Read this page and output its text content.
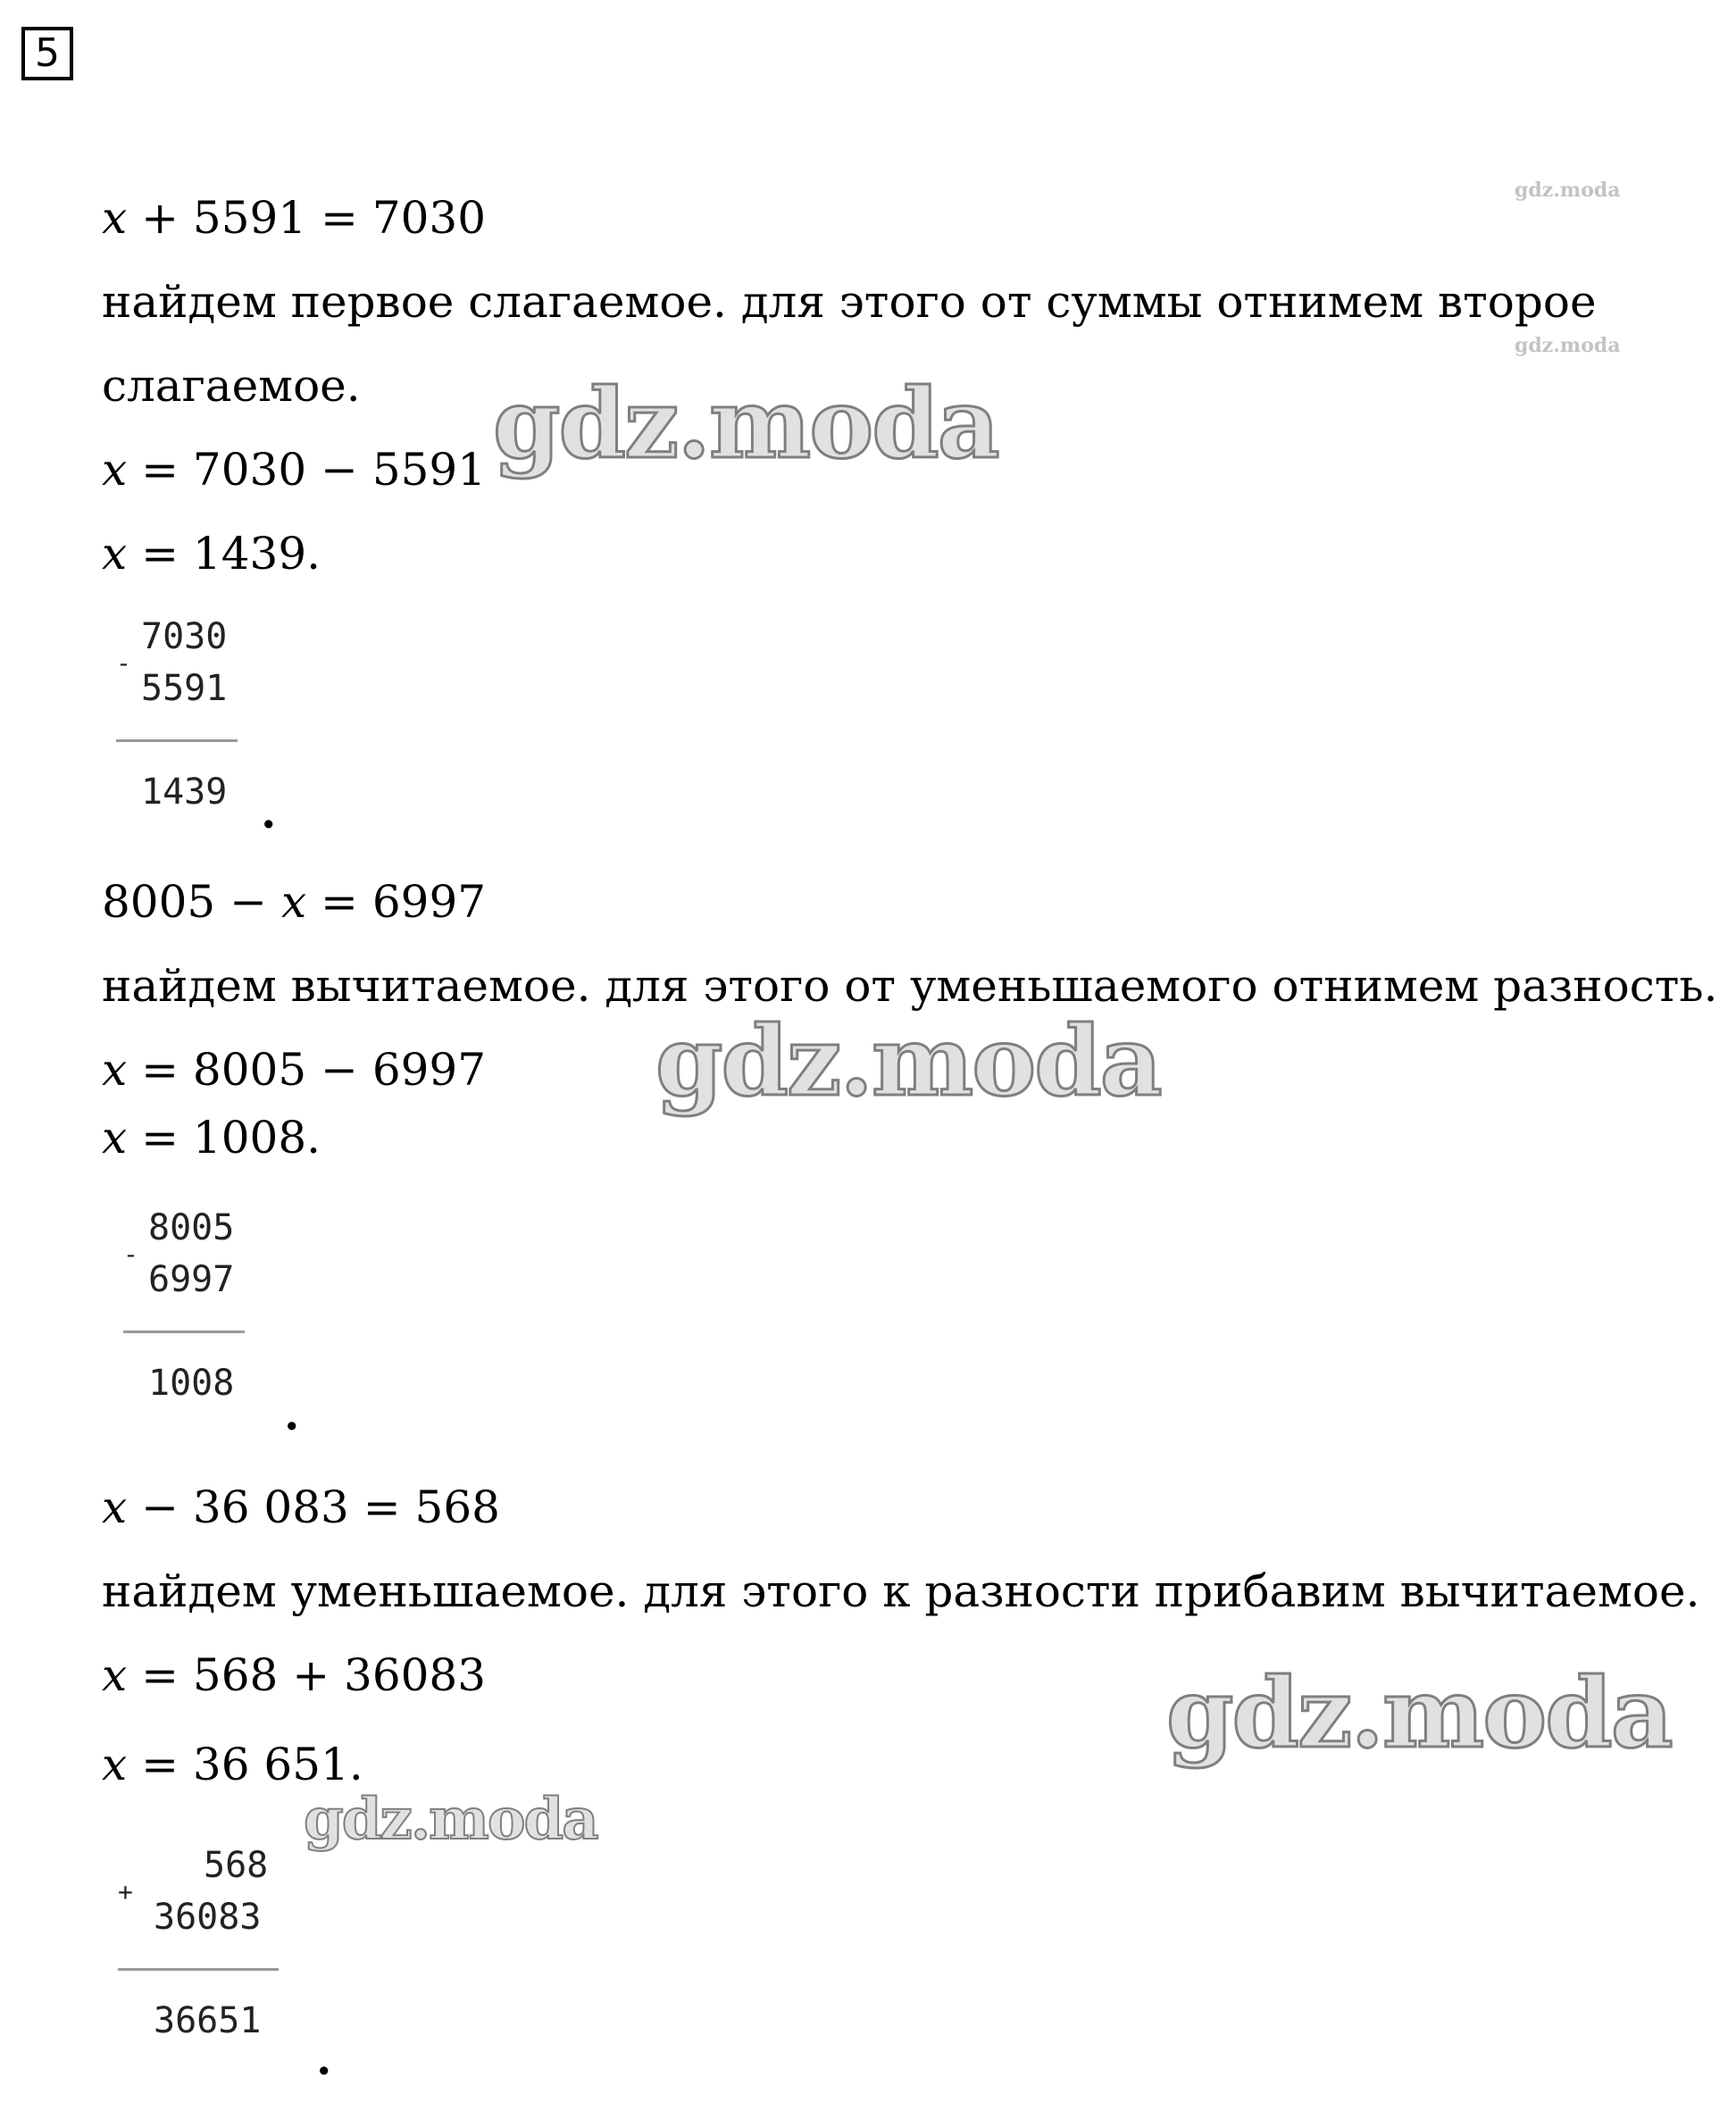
5
gdz.moda
gdz.moda
x + 5591 = 7030
найдем первое слагаемое. для этого от суммы отнимем второе
слагаемое.
x = 7030 − 5591
x = 1439.
-
7030
5591
1439 .
8005 − x = 6997
найдем вычитаемое. для этого от уменьшаемого отнимем разность.
x = 8005 − 6997
x = 1008.
-
8005
6997
1008
.
x − 36 083 = 568
найдем уменьшаемое. для этого к разности прибавим вычитаемое.
x = 568 + 36083
x = 36 651.
+
568
36083
36651
.
gdz.moda
gdz.moda
gdz.moda
gdz.moda
